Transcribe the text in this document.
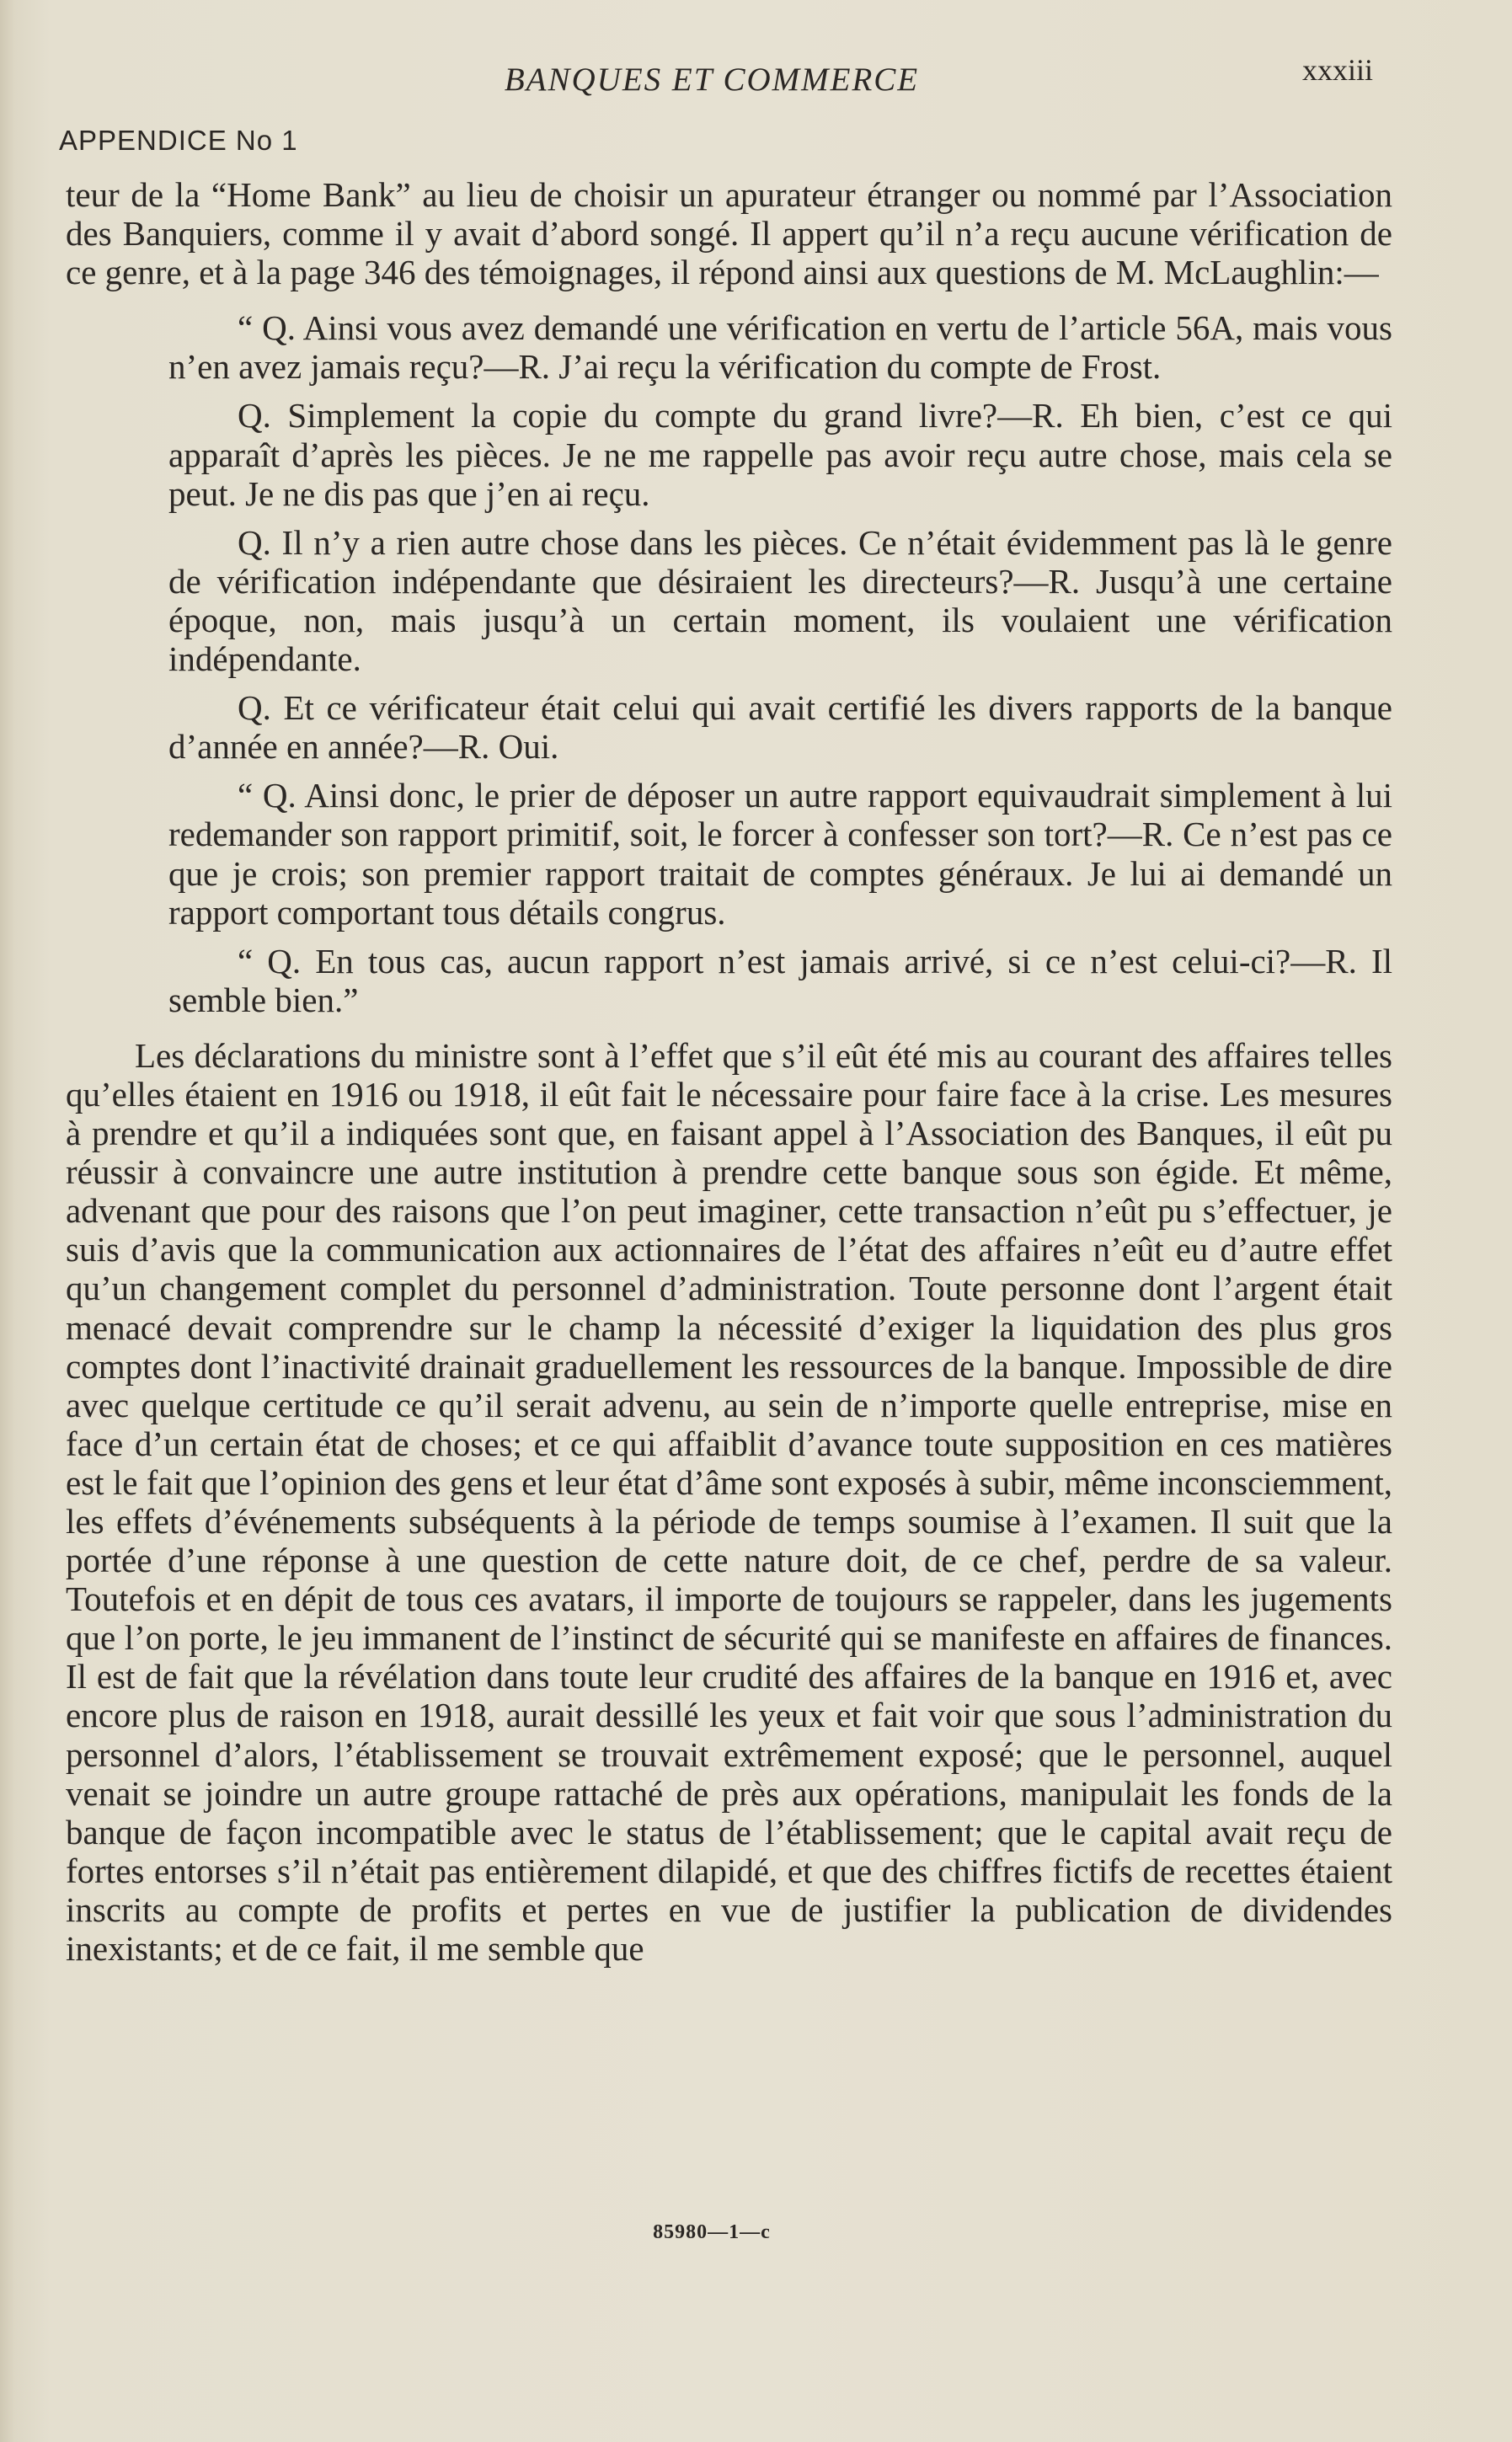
BANQUES ET COMMERCE	xxxiii
APPENDICE No 1

teur de la “Home Bank” au lieu de choisir un apurateur étranger ou nommé par l’Association des Banquiers, comme il y avait d’abord songé. Il appert qu’il n’a reçu aucune vérification de ce genre, et à la page 346 des témoignages, il répond ainsi aux questions de M. McLaughlin:—

“ Q. Ainsi vous avez demandé une vérification en vertu de l’article 56A, mais vous n’en avez jamais reçu?—R. J’ai reçu la vérification du compte de Frost.

Q. Simplement la copie du compte du grand livre?—R. Eh bien, c’est ce qui apparaît d’après les pièces. Je ne me rappelle pas avoir reçu autre chose, mais cela se peut. Je ne dis pas que j’en ai reçu.

Q. Il n’y a rien autre chose dans les pièces. Ce n’était évidemment pas là le genre de vérification indépendante que désiraient les directeurs?—R. Jusqu’à une certaine époque, non, mais jusqu’à un certain moment, ils voulaient une vérification indépendante.

Q. Et ce vérificateur était celui qui avait certifié les divers rapports de la banque d’année en année?—R. Oui.

“ Q. Ainsi donc, le prier de déposer un autre rapport equivaudrait simplement à lui redemander son rapport primitif, soit, le forcer à confesser son tort?—R. Ce n’est pas ce que je crois; son premier rapport traitait de comptes généraux. Je lui ai demandé un rapport comportant tous détails congrus.

“ Q. En tous cas, aucun rapport n’est jamais arrivé, si ce n’est celui-ci?—R. Il semble bien.”

Les déclarations du ministre sont à l’effet que s’il eût été mis au courant des affaires telles qu’elles étaient en 1916 ou 1918, il eût fait le nécessaire pour faire face à la crise. Les mesures à prendre et qu’il a indiquées sont que, en faisant appel à l’Association des Banques, il eût pu réussir à convaincre une autre institution à prendre cette banque sous son égide. Et même, advenant que pour des raisons que l’on peut imaginer, cette transaction n’eût pu s’effectuer, je suis d’avis que la communication aux actionnaires de l’état des affaires n’eût eu d’autre effet qu’un changement complet du personnel d’administration. Toute personne dont l’argent était menacé devait comprendre sur le champ la nécessité d’exiger la liquidation des plus gros comptes dont l’inactivité drainait graduellement les ressources de la banque. Impossible de dire avec quelque certitude ce qu’il serait advenu, au sein de n’importe quelle entreprise, mise en face d’un certain état de choses; et ce qui affaiblit d’avance toute supposition en ces matières est le fait que l’opinion des gens et leur état d’âme sont exposés à subir, même inconsciemment, les effets d’événements subséquents à la période de temps soumise à l’examen. Il suit que la portée d’une réponse à une question de cette nature doit, de ce chef, perdre de sa valeur. Toutefois et en dépit de tous ces avatars, il importe de toujours se rappeler, dans les jugements que l’on porte, le jeu immanent de l’instinct de sécurité qui se manifeste en affaires de finances. Il est de fait que la révélation dans toute leur crudité des affaires de la banque en 1916 et, avec encore plus de raison en 1918, aurait dessillé les yeux et fait voir que sous l’administration du personnel d’alors, l’établissement se trouvait extrêmement exposé; que le personnel, auquel venait se joindre un autre groupe rattaché de près aux opérations, manipulait les fonds de la banque de façon incompatible avec le status de l’établissement; que le capital avait reçu de fortes entorses s’il n’était pas entièrement dilapidé, et que des chiffres fictifs de recettes étaient inscrits au compte de profits et pertes en vue de justifier la publication de dividendes inexistants; et de ce fait, il me semble que

85980—1—c
